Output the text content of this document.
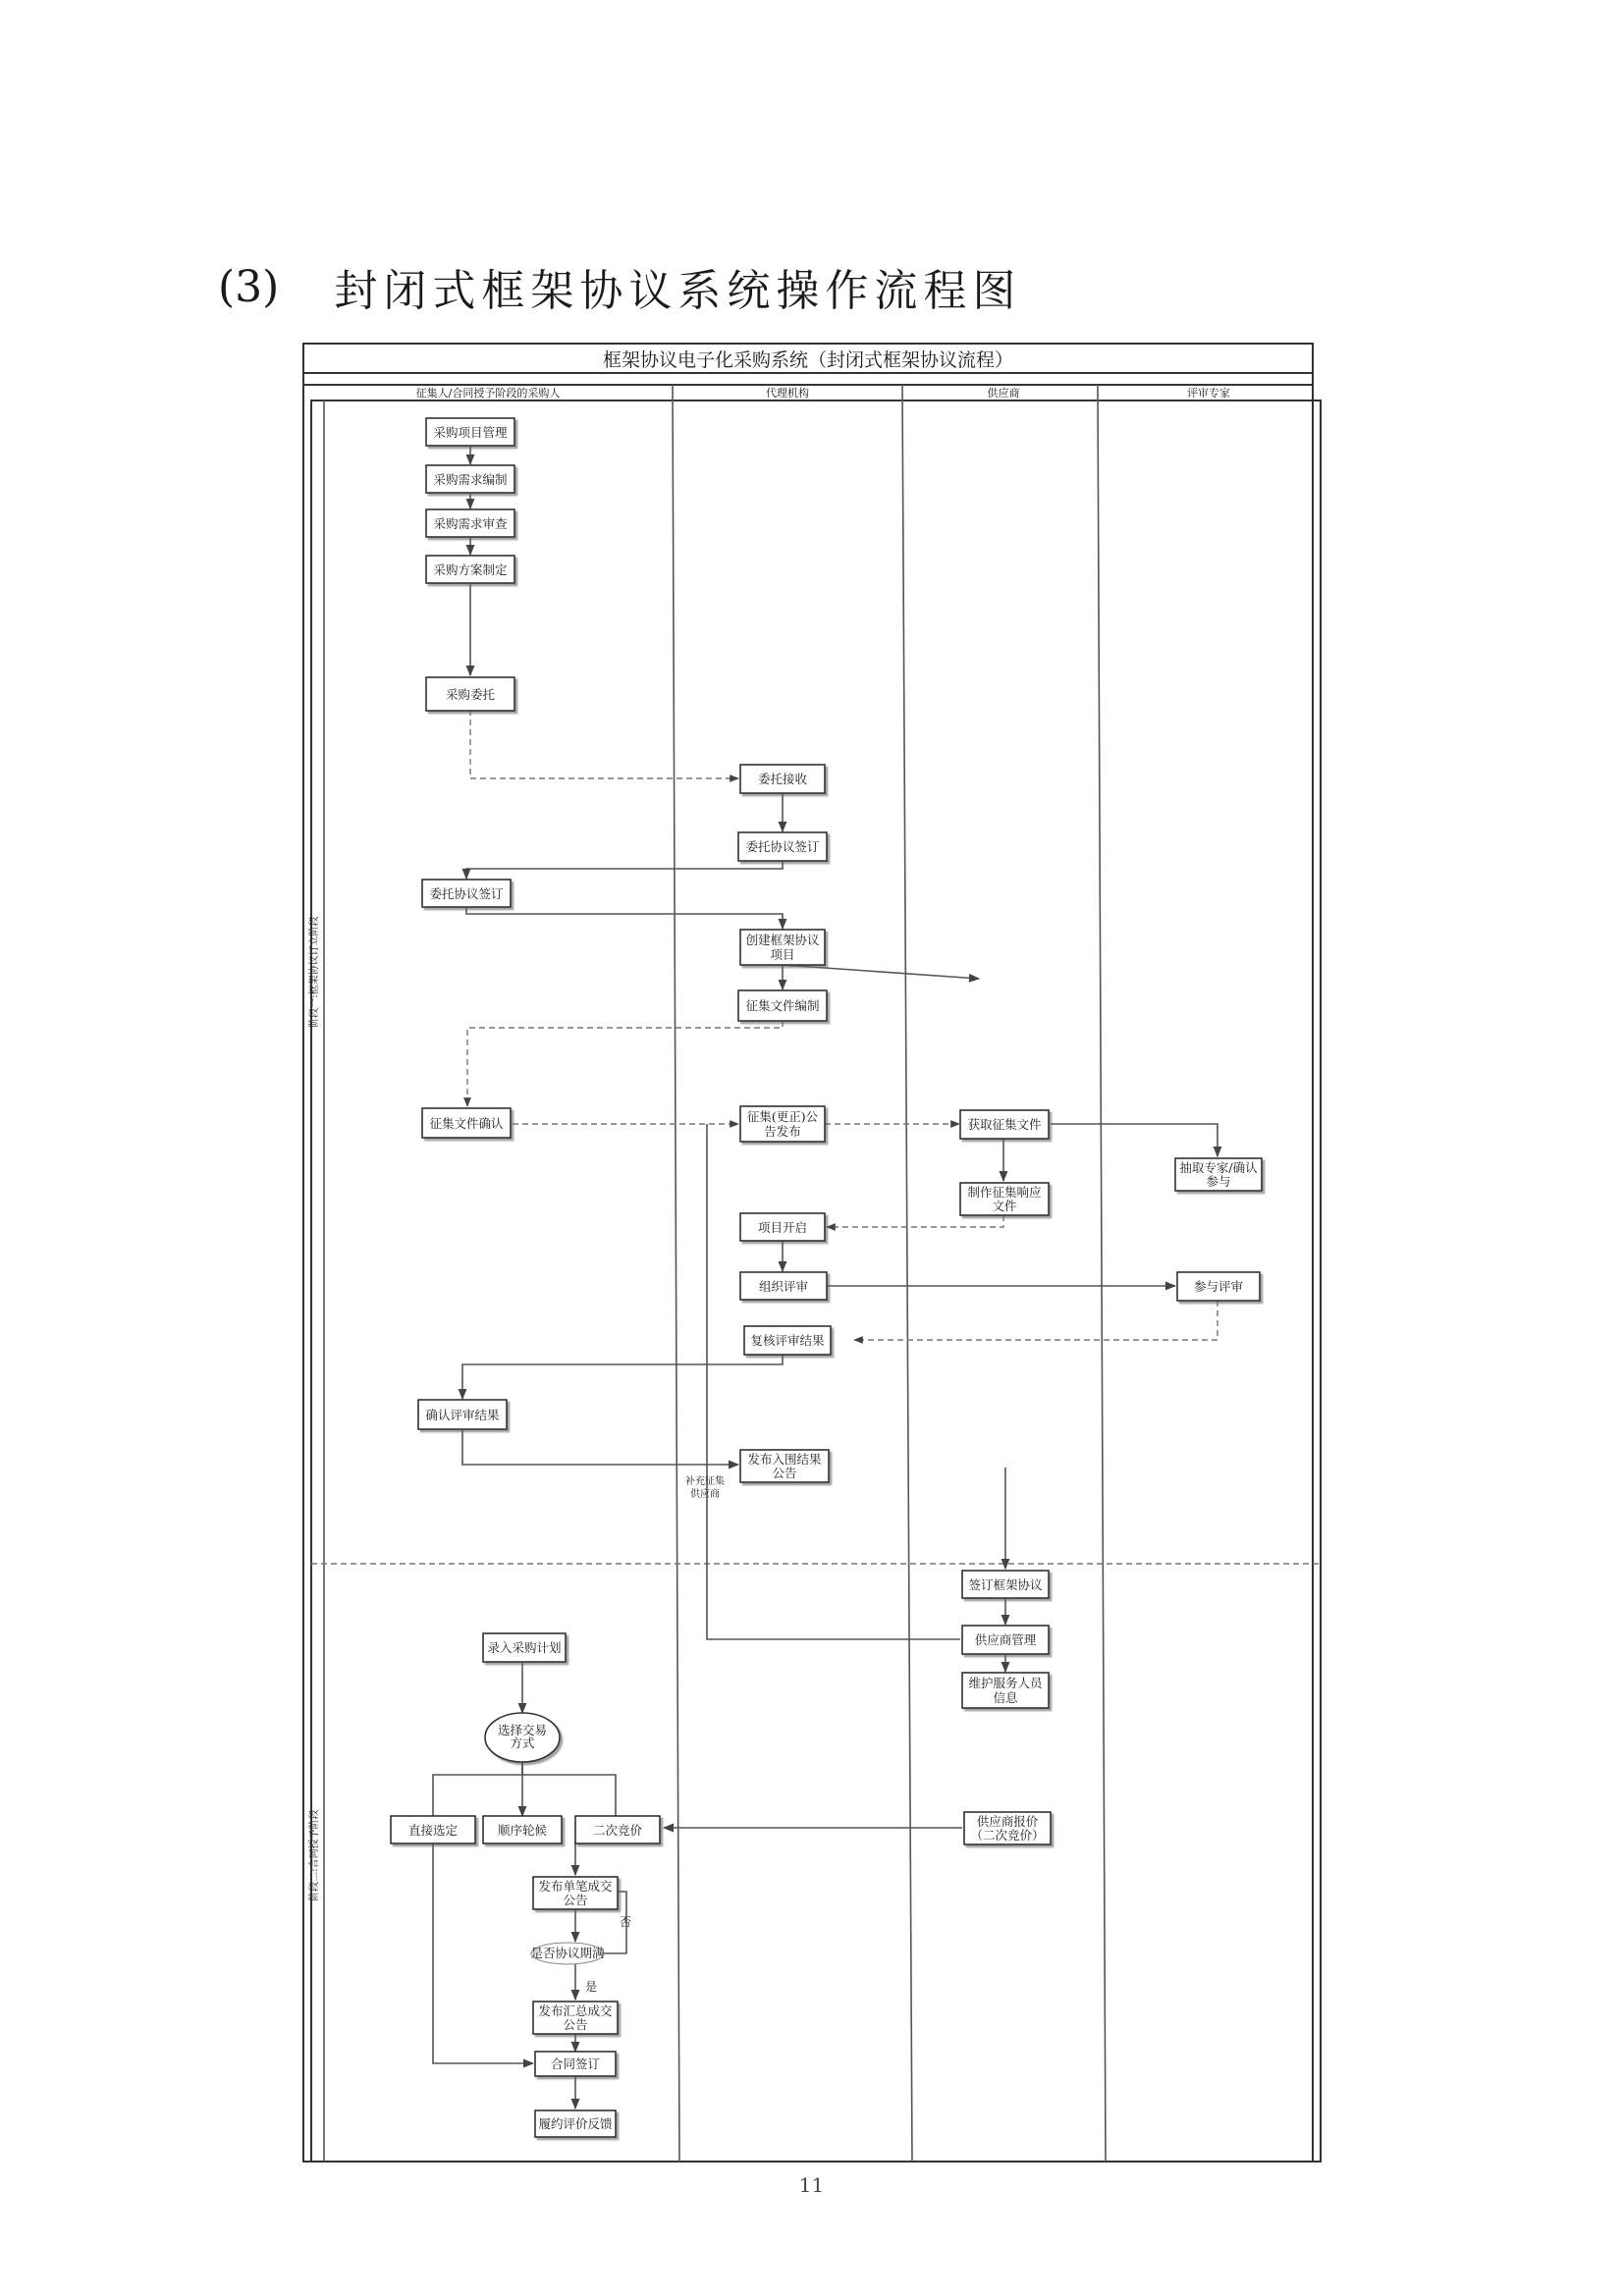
(3) 封闭式框架协议系统操作流程图
框架协议电子化采购系统（封闭式框架协议流程）
征集人/合同授予阶段的采购人	代理机构	供应商	评审专家
阶段一:框架协议订立阶段
阶段二:合同授予阶段
补充征集
供应商
否
是
采购项目管理
采购需求编制
采购需求审查
采购方案制定
采购委托
委托协议签订
征集文件确认
确认评审结果
委托接收
委托协议签订
创建框架协议
项目
征集文件编制
征集(更正)公
告发布
项目开启
组织评审
复核评审结果
发布入围结果
公告
获取征集文件
制作征集响应
文件
签订框架协议
供应商管理
维护服务人员
信息
供应商报价
（二次竞价）
抽取专家/确认
参与
参与评审
录入采购计划
选择交易
方式
直接选定	顺序轮候	二次竞价
发布单笔成交
公告
是否协议期满
发布汇总成交
公告
合同签订
履约评价反馈
11
